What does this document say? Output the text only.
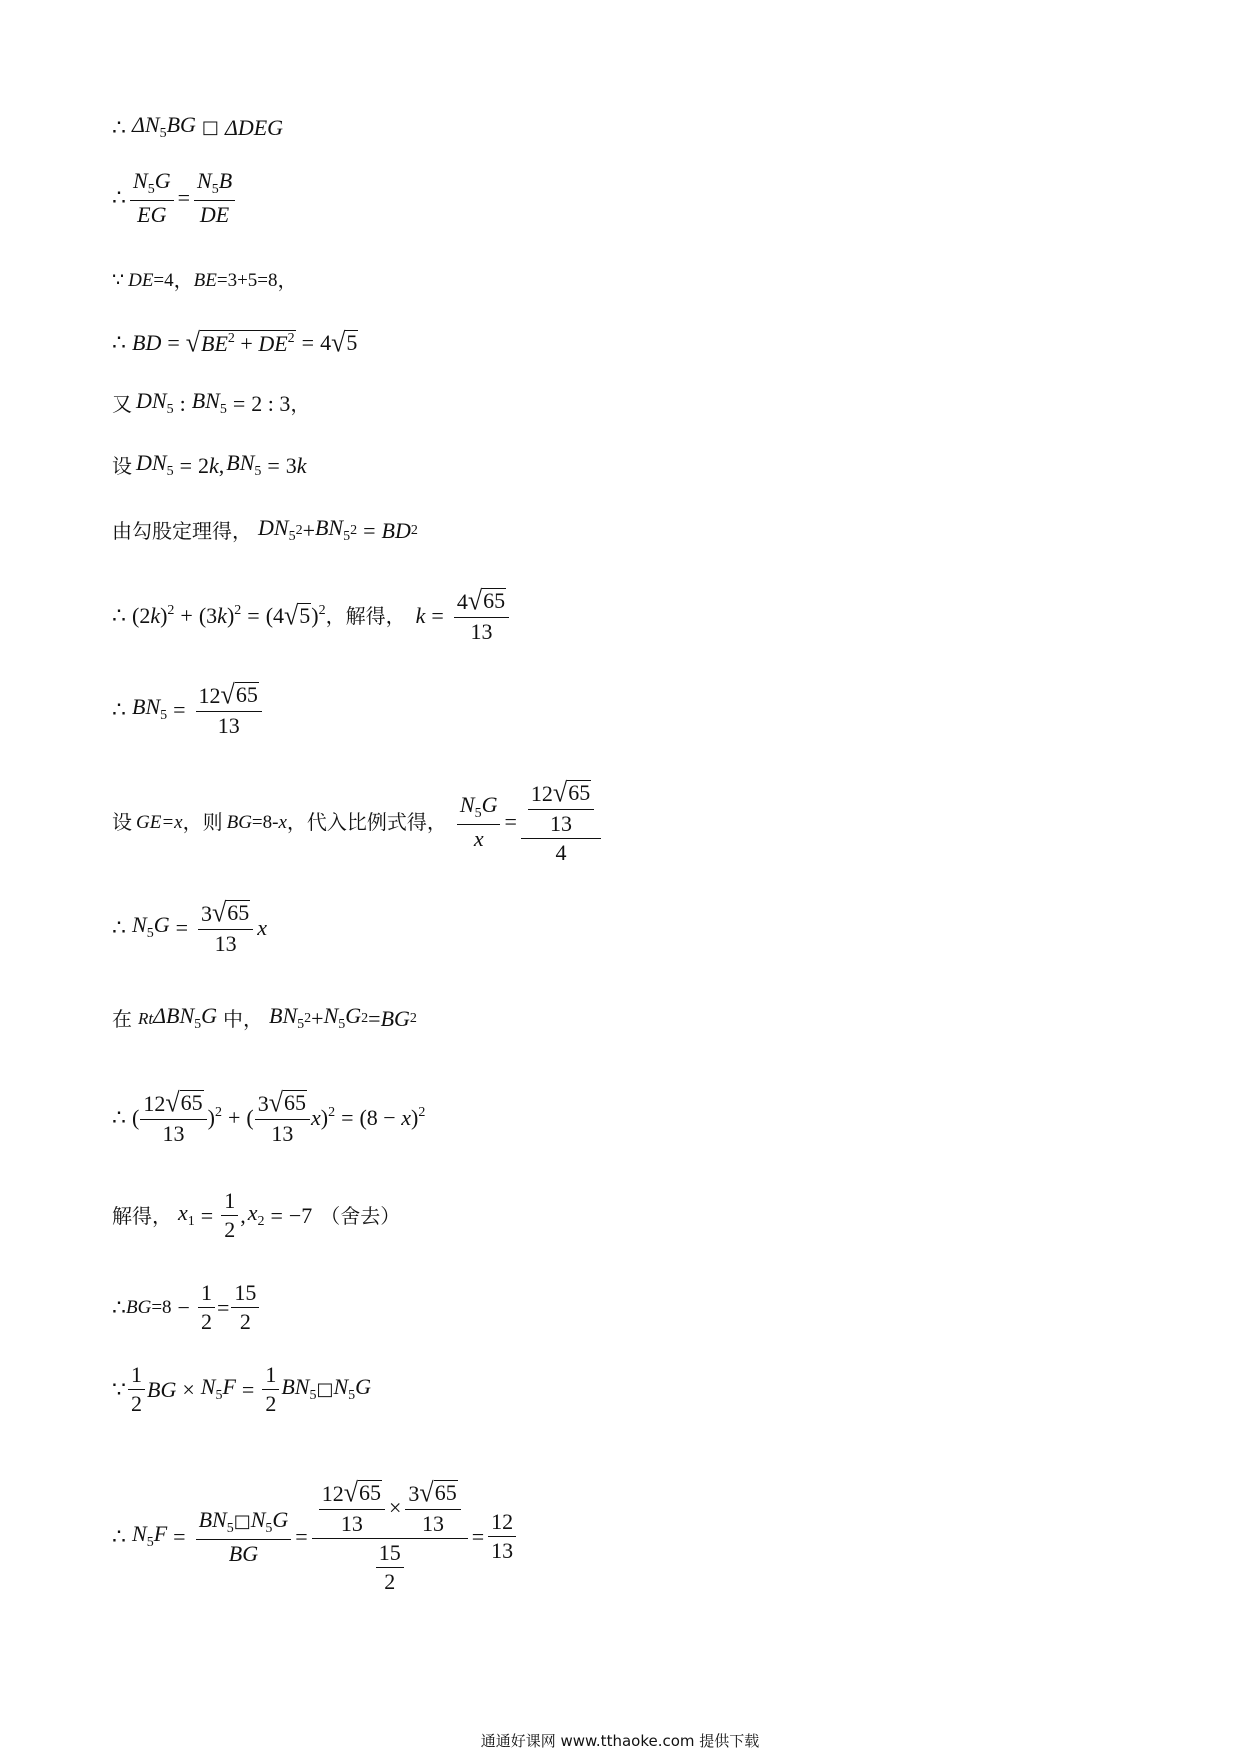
∴ $\Delta N_5BG$ □ ΔDEG
∴ $\frac{N_5G}{EG} = \frac{N_5B}{DE}$
∵ DE =4 ， BE =3+5=8 ，
∴ BD = √ $BE^2 + DE^2 = 4$ √ 5
又 $DN_5$ : $BN_5 = 2$ : 3 ，
设 $DN_5 = 2k$, $BN_5 = 3k$
由勾股定理得， $DN_5$ $2 + BN_5$ 2 = BD 2
∴ $(2k)^2 + (3k)^2 = (4$ √ 5 )$^2$ ，解得， $k = \frac{4 √ 65}{13}$
∴ $BN_5 = \frac{12 √ 65}{13}$
设 GE=x ，则 BG =8- x ，代入比例式得， $\frac{N_5G}{x} = \frac{\frac{12 √ 65}{13}}{4}$
∴ $N_5G = \frac{3 √ 65}{13}$ x
在 Rt $\Delta BN_5G$ 中， $BN_5$ $2 + N_5G$ 2 = BG 2
∴ ( $\frac{12 √ 65}{13} )^2$ + ( $\frac{3 √ 65}{13}$ x )$^2 = (8 - x)^2$
解得， $x_1 = \frac{1}{2}$ , $x_2 = -7$ （舍去）
∴ BG $=8 - \frac{1}{2} = \frac{15}{2}$
∵ $\frac{1}{2}$ BG × $N_5F = \frac{1}{2} BN_5$ □ $N_5G$
∴ $N_5F = \frac{BN_5□N_5G}{BG} = \frac{\frac{12 √ 65}{13} \times \frac{3 √ 65}{13}}{\frac{15}{2}} = \frac{12}{13}$
ΔN5BG ∽ ΔDEG∴ N5G / EG = N5B / DE∴ DE=4，BE=3+5=8，∵ BD = √(BE² + DE²) = 4√5∴ DN5 : BN5 = 2 : 3 ，又 DN5 = 2k, BN5 = 3k设 DN5² + BN5² = BD²由勾股定理得， (2k)² + (3k)² = (4√5)²，解得，k = 4√65/13∴ BN5 = 12√65/13∴ GE=x，则 BG=8-x，代入比例式得，N5G/x = (12√65/13)/4设 N5G = 3√65/13 x∴ RtΔBN5G 中，BN5² + N5G² = BG²在 (12√65/13)² + (3√65/13 x)² = (8 − x)²∴ x1 = 1/2, x2 = −7（舍去）解得， BG = 8 − 1/2 = 15/2∴ 1/2 BG × N5F = 1/2 BN5·N5G∵ N5F = BN5·N5G / BG = (12√65/13 × 3√65/13)/(15/2) = 12/13∴ l1l2l3 l4l5l6 l7l8l9 l10l11l12 l13l14l15 l16l17
通通好课网 www.tthaoke.com 提供下载
